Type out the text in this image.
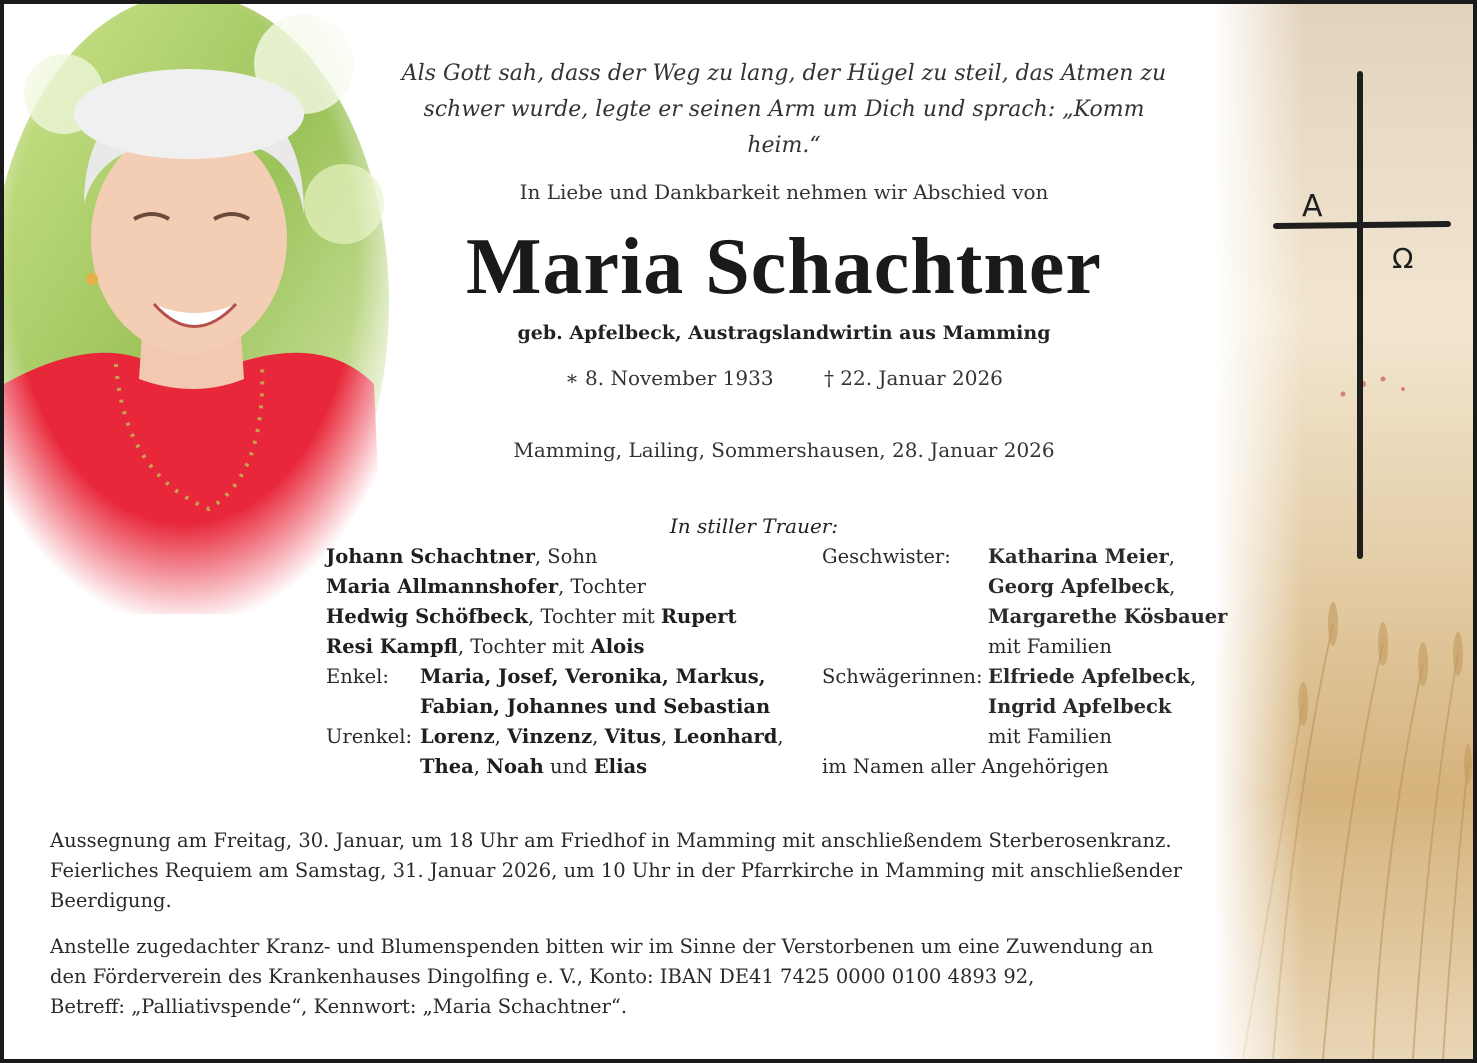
A
Ω
Als Gott sah, dass der Weg zu lang, der Hügel zu steil, das Atmen zu
schwer wurde, legte er seinen Arm um Dich und sprach: „Komm heim.“
In Liebe und Dankbarkeit nehmen wir Abschied von
Maria Schachtner
geb. Apfelbeck, Austragslandwirtin aus Mamming
∗ 8. November 1933	† 22. Januar 2026
Mamming, Lailing, Sommershausen, 28. Januar 2026
In stiller Trauer:
Johann Schachtner, Sohn
Maria Allmannshofer, Tochter
Hedwig Schöfbeck, Tochter mit Rupert
Resi Kampfl, Tochter mit Alois
Enkel: Maria, Josef, Veronika, Markus,
Fabian, Johannes und Sebastian
Urenkel: Lorenz, Vinzenz, Vitus, Leonhard,
Thea, Noah und Elias
Geschwister: Katharina Meier,
Georg Apfelbeck,
Margarethe Kösbauer
mit Familien
Schwägerinnen: Elfriede Apfelbeck,
Ingrid Apfelbeck
mit Familien
im Namen aller Angehörigen
Aussegnung am Freitag, 30. Januar, um 18 Uhr am Friedhof in Mamming mit anschließendem Sterberosenkranz.
Feierliches Requiem am Samstag, 31. Januar 2026, um 10 Uhr in der Pfarrkirche in Mamming mit anschließender
Beerdigung.
Anstelle zugedachter Kranz- und Blumenspenden bitten wir im Sinne der Verstorbenen um eine Zuwendung an
den Förderverein des Krankenhauses Dingolfing e. V., Konto: IBAN DE41 7425 0000 0100 4893 92,
Betreff: „Palliativspende“, Kennwort: „Maria Schachtner“.
